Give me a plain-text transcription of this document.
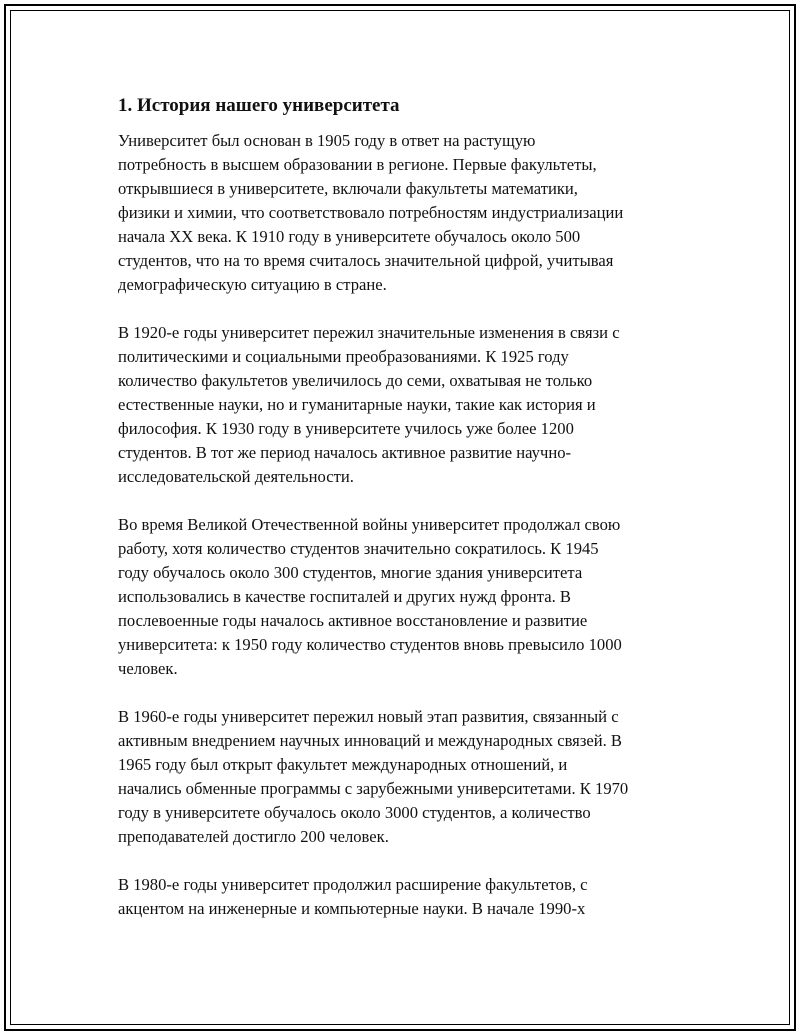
1. История нашего университета

Университет был основан в 1905 году в ответ на растущую
потребность в высшем образовании в регионе. Первые факультеты,
открывшиеся в университете, включали факультеты математики,
физики и химии, что соответствовало потребностям индустриализации
начала XX века. К 1910 году в университете обучалось около 500
студентов, что на то время считалось значительной цифрой, учитывая
демографическую ситуацию в стране.

В 1920-е годы университет пережил значительные изменения в связи с
политическими и социальными преобразованиями. К 1925 году
количество факультетов увеличилось до семи, охватывая не только
естественные науки, но и гуманитарные науки, такие как история и
философия. К 1930 году в университете училось уже более 1200
студентов. В тот же период началось активное развитие научно-
исследовательской деятельности.

Во время Великой Отечественной войны университет продолжал свою
работу, хотя количество студентов значительно сократилось. К 1945
году обучалось около 300 студентов, многие здания университета
использовались в качестве госпиталей и других нужд фронта. В
послевоенные годы началось активное восстановление и развитие
университета: к 1950 году количество студентов вновь превысило 1000
человек.

В 1960-е годы университет пережил новый этап развития, связанный с
активным внедрением научных инноваций и международных связей. В
1965 году был открыт факультет международных отношений, и
начались обменные программы с зарубежными университетами. К 1970
году в университете обучалось около 3000 студентов, а количество
преподавателей достигло 200 человек.

В 1980-е годы университет продолжил расширение факультетов, с
акцентом на инженерные и компьютерные науки. В начале 1990-х
